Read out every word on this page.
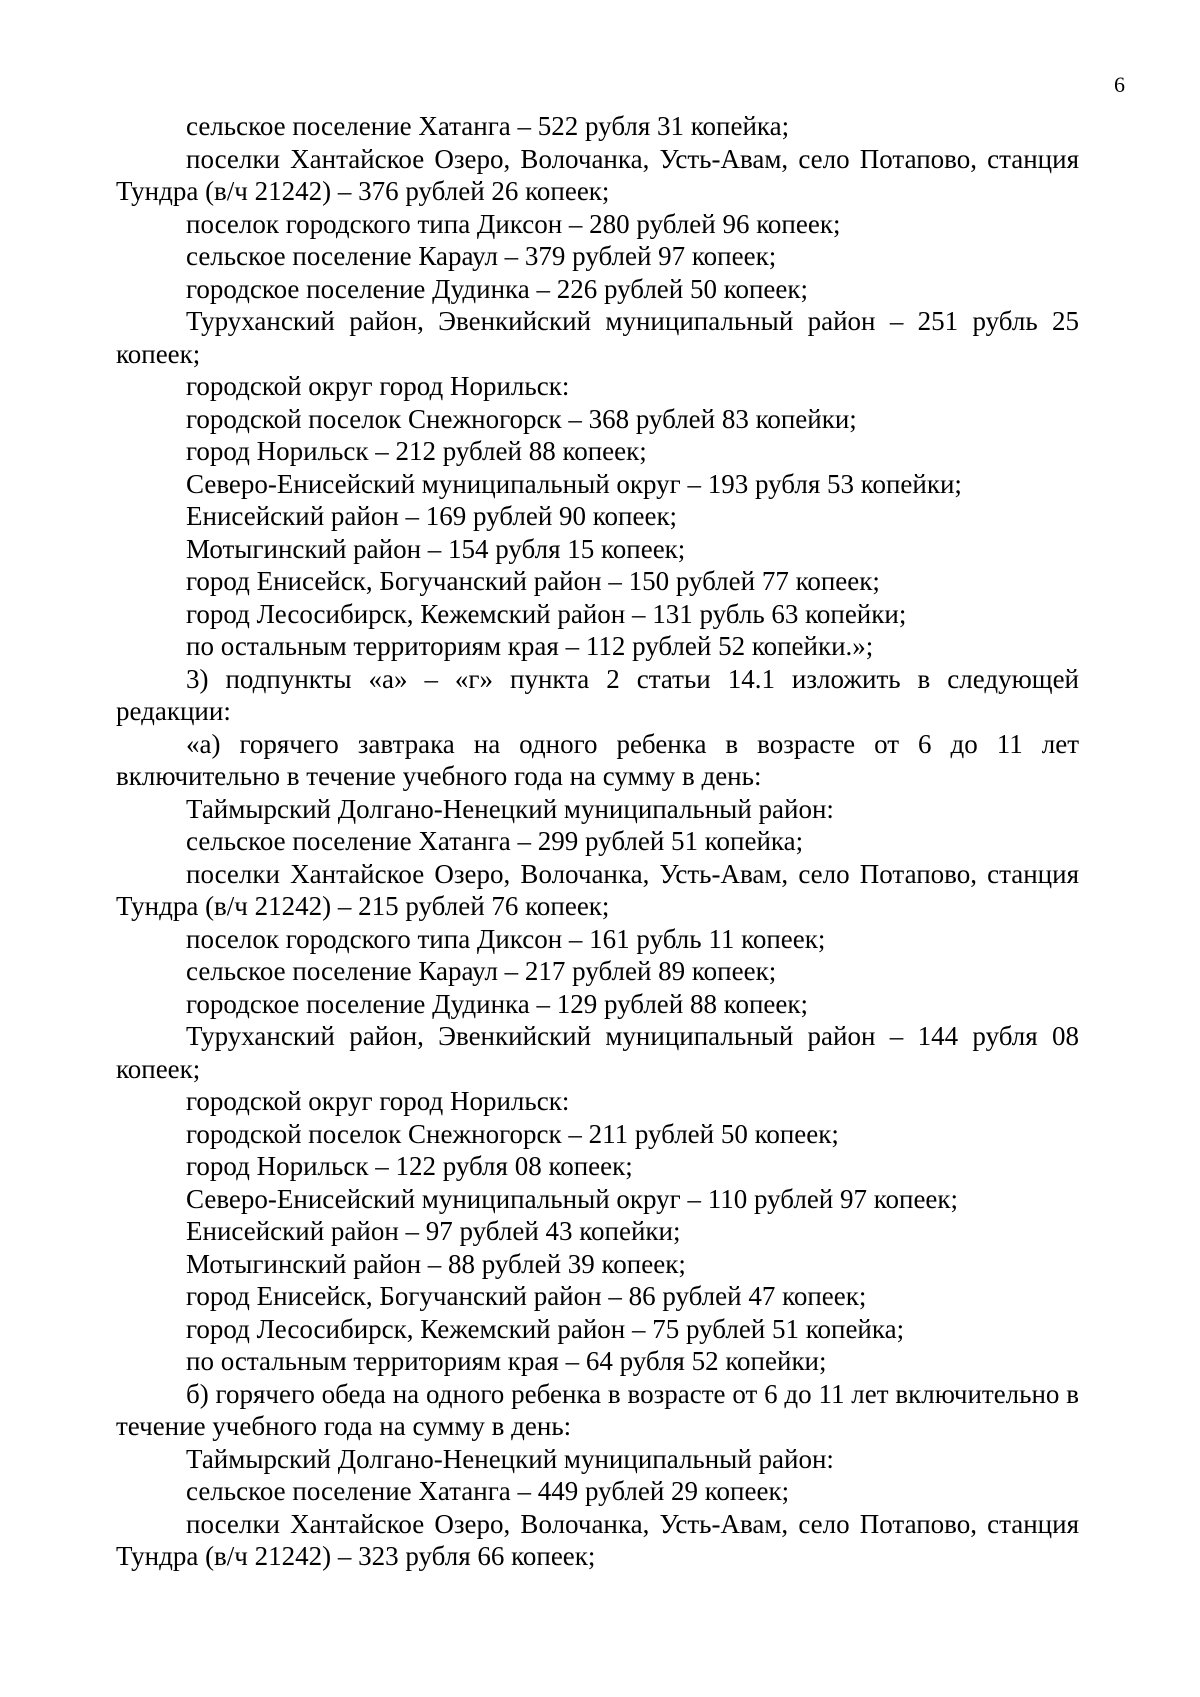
6

сельское поселение Хатанга – 522 рубля 31 копейка;

поселки Хантайское Озеро, Волочанка, Усть-Авам, село Потапово, станция Тундра (в/ч 21242) – 376 рублей 26 копеек;

поселок городского типа Диксон – 280 рублей 96 копеек;

сельское поселение Караул – 379 рублей 97 копеек;

городское поселение Дудинка – 226 рублей 50 копеек;

Туруханский район, Эвенкийский муниципальный район – 251 рубль 25 копеек;

городской округ город Норильск:

городской поселок Снежногорск – 368 рублей 83 копейки;

город Норильск – 212 рублей 88 копеек;

Северо-Енисейский муниципальный округ – 193 рубля 53 копейки;

Енисейский район – 169 рублей 90 копеек;

Мотыгинский район – 154 рубля 15 копеек;

город Енисейск, Богучанский район – 150 рублей 77 копеек;

город Лесосибирск, Кежемский район – 131 рубль 63 копейки;

по остальным территориям края – 112 рублей 52 копейки.»;

3) подпункты «а» – «г» пункта 2 статьи 14.1 изложить в следующей редакции:

«а) горячего завтрака на одного ребенка в возрасте от 6 до 11 лет включительно в течение учебного года на сумму в день:

Таймырский Долгано-Ненецкий муниципальный район:

сельское поселение Хатанга – 299 рублей 51 копейка;

поселки Хантайское Озеро, Волочанка, Усть-Авам, село Потапово, станция Тундра (в/ч 21242) – 215 рублей 76 копеек;

поселок городского типа Диксон – 161 рубль 11 копеек;

сельское поселение Караул – 217 рублей 89 копеек;

городское поселение Дудинка – 129 рублей 88 копеек;

Туруханский район, Эвенкийский муниципальный район – 144 рубля 08 копеек;

городской округ город Норильск:

городской поселок Снежногорск – 211 рублей 50 копеек;

город Норильск – 122 рубля 08 копеек;

Северо-Енисейский муниципальный округ – 110 рублей 97 копеек;

Енисейский район – 97 рублей 43 копейки;

Мотыгинский район – 88 рублей 39 копеек;

город Енисейск, Богучанский район – 86 рублей 47 копеек;

город Лесосибирск, Кежемский район – 75 рублей 51 копейка;

по остальным территориям края – 64 рубля 52 копейки;

б) горячего обеда на одного ребенка в возрасте от 6 до 11 лет включительно в течение учебного года на сумму в день:

Таймырский Долгано-Ненецкий муниципальный район:

сельское поселение Хатанга – 449 рублей 29 копеек;

поселки Хантайское Озеро, Волочанка, Усть-Авам, село Потапово, станция Тундра (в/ч 21242) – 323 рубля 66 копеек;
